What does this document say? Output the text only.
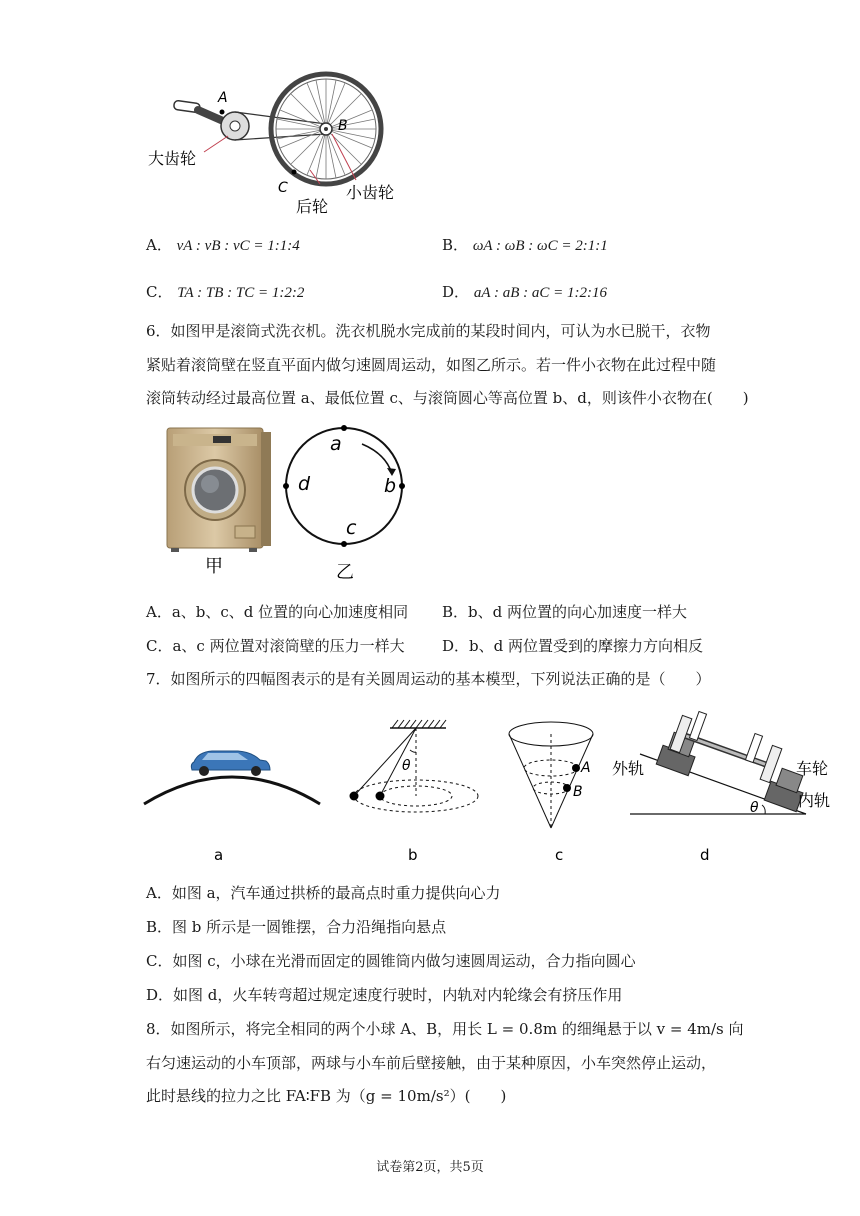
A
B
C
大齿轮
后轮
小齿轮
A． vA : vB : vC = 1:1:4	B． ωA : ωB : ωC = 2:1:1
C． TA : TB : TC = 1:2:2	D． aA : aB : aC = 1:2:16
6．如图甲是滚筒式洗衣机。洗衣机脱水完成前的某段时间内，可认为水已脱干，衣物
紧贴着滚筒壁在竖直平面内做匀速圆周运动，如图乙所示。若一件小衣物在此过程中随
滚筒转动经过最高位置 a、最低位置 c、与滚筒圆心等高位置 b、d，则该件小衣物在(　　)
甲
a
b
c
d
乙
A．a、b、c、d 位置的向心加速度相同 B．b、d 两位置的向心加速度一样大
C．a、c 两位置对滚筒壁的压力一样大 D．b、d 两位置受到的摩擦力方向相反
7．如图所示的四幅图表示的是有关圆周运动的基本模型，下列说法正确的是（　　）
a
θ
b
A
B
c
θ
外轨	车轮
内轨
d
A．如图 a，汽车通过拱桥的最高点时重力提供向心力
B．图 b 所示是一圆锥摆，合力沿绳指向悬点
C．如图 c，小球在光滑而固定的圆锥筒内做匀速圆周运动，合力指向圆心
D．如图 d，火车转弯超过规定速度行驶时，内轨对内轮缘会有挤压作用
8．如图所示，将完全相同的两个小球 A、B，用长 L = 0.8m 的细绳悬于以 v = 4m/s 向
右匀速运动的小车顶部，两球与小车前后壁接触，由于某种原因，小车突然停止运动，
此时悬线的拉力之比 FA∶FB 为（g = 10m/s²）(　　)
试卷第2页，共5页
